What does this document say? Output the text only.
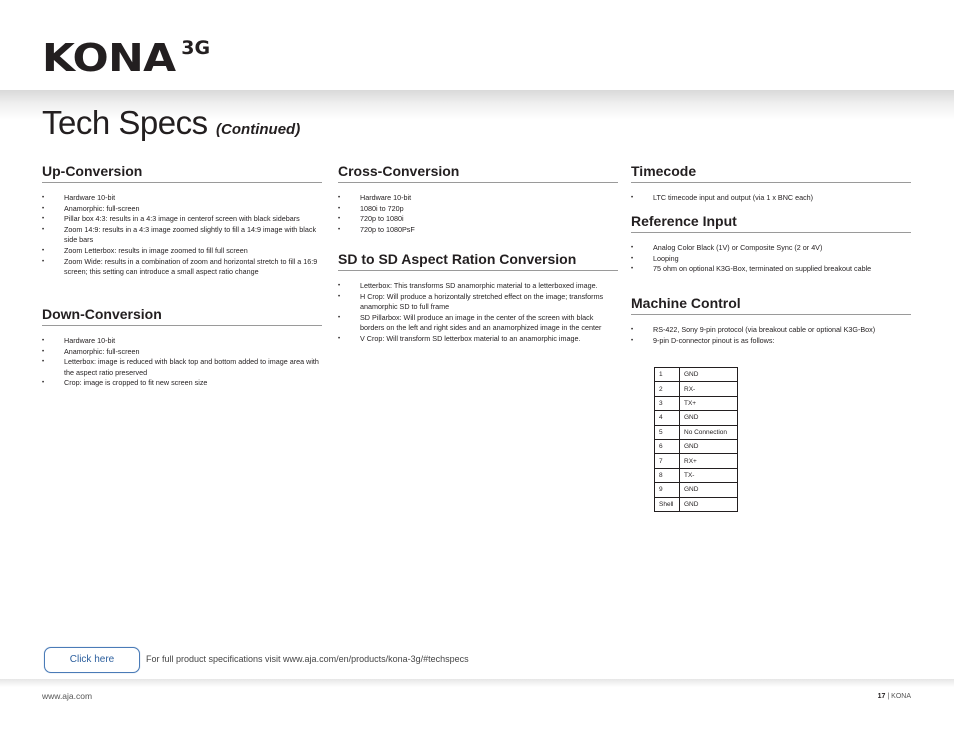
KONA 3G
Tech Specs (Continued)
Up-Conversion
• Hardware 10-bit
• Anamorphic: full-screen
• Pillar box 4:3: results in a 4:3 image in centerof screen with black sidebars
• Zoom 14:9: results in a 4:3 image zoomed slightly to fill a 14:9 image with black side bars
• Zoom Letterbox: results in image zoomed to fill full screen
• Zoom Wide: results in a combination of zoom and horizontal stretch to fill a 16:9 screen; this setting can introduce a small aspect ratio change
Down-Conversion
• Hardware 10-bit
• Anamorphic: full-screen
• Letterbox: image is reduced with black top and bottom added to image area with the aspect ratio preserved
• Crop: image is cropped to fit new screen size
Cross-Conversion
• Hardware 10-bit
• 1080i to 720p
• 720p to 1080i
• 720p to 1080PsF
SD to SD Aspect Ration Conversion
• Letterbox: This transforms SD anamorphic material to a letterboxed image.
• H Crop: Will produce a horizontally stretched effect on the image; transforms anamorphic SD to full frame
• SD Pillarbox: Will produce an image in the center of the screen with black borders on the left and right sides and an anamorphized image in the center
• V Crop: Will transform SD letterbox material to an anamorphic image.
Timecode
• LTC timecode input and output (via 1 x BNC each)
Reference Input
• Analog Color Black (1V) or Composite Sync (2 or 4V)
• Looping
• 75 ohm on optional K3G-Box, terminated on supplied breakout cable
Machine Control
• RS-422, Sony 9-pin protocol (via breakout cable or optional K3G-Box)
• 9-pin D-connector pinout is as follows:
1	GND
2	RX-
3	TX+
4	GND
5	No Connection
6	GND
7	RX+
8	TX-
9	GND
Shell	GND
Click here	For full product specifications visit www.aja.com/en/products/kona-3g/#techspecs
www.aja.com	17 | KONA
